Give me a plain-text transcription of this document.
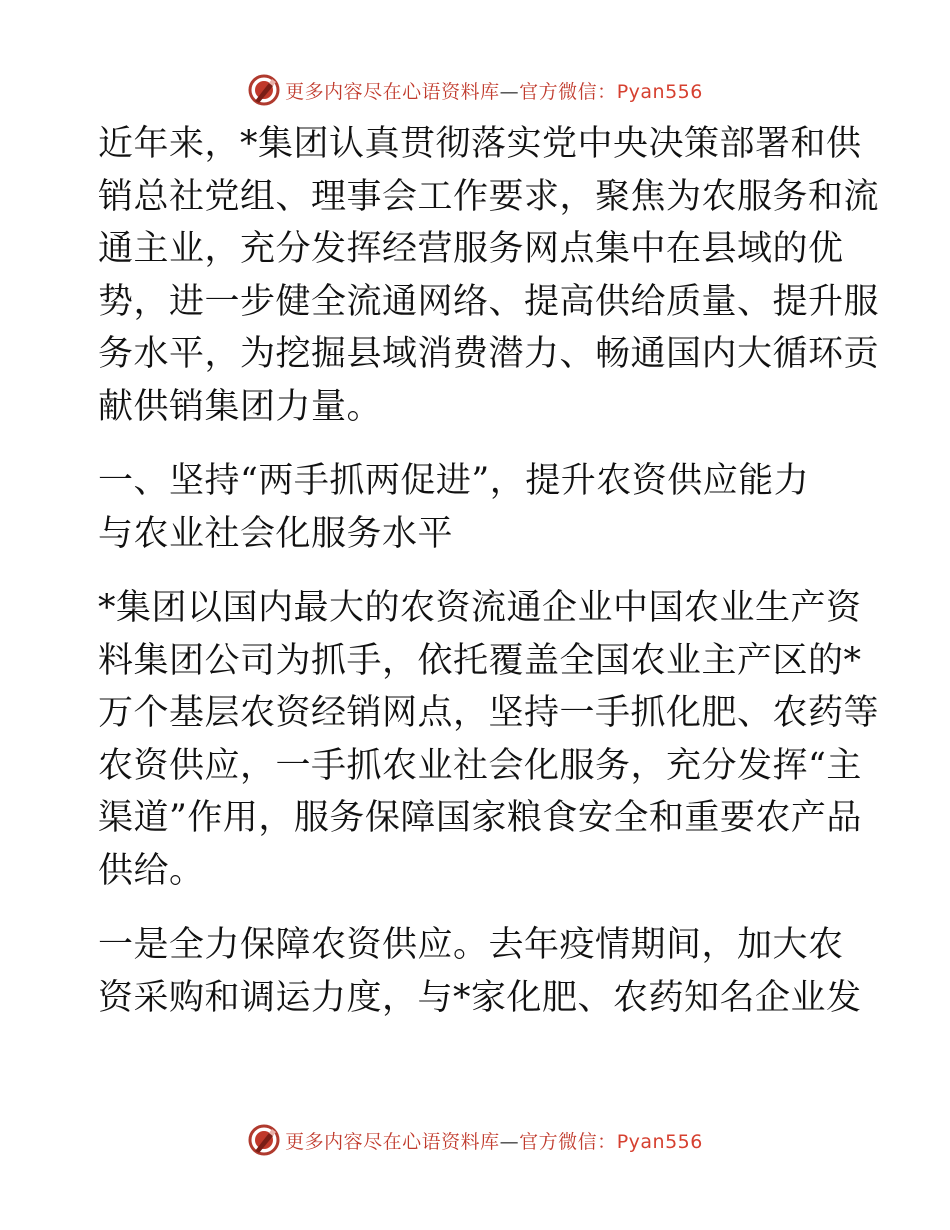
更多内容尽在心语资料库—官方微信：Pyan556

近年来，*集团认真贯彻落实党中央决策部署和供
销总社党组、理事会工作要求，聚焦为农服务和流
通主业，充分发挥经营服务网点集中在县域的优
势，进一步健全流通网络、提高供给质量、提升服
务水平，为挖掘县域消费潜力、畅通国内大循环贡
献供销集团力量。

一、坚持“两手抓两促进”，提升农资供应能力
与农业社会化服务水平

*集团以国内最大的农资流通企业中国农业生产资
料集团公司为抓手，依托覆盖全国农业主产区的*
万个基层农资经销网点，坚持一手抓化肥、农药等
农资供应，一手抓农业社会化服务，充分发挥“主
渠道”作用，服务保障国家粮食安全和重要农产品
供给。

一是全力保障农资供应。去年疫情期间，加大农
资采购和调运力度，与*家化肥、农药知名企业发

更多内容尽在心语资料库—官方微信：Pyan556
